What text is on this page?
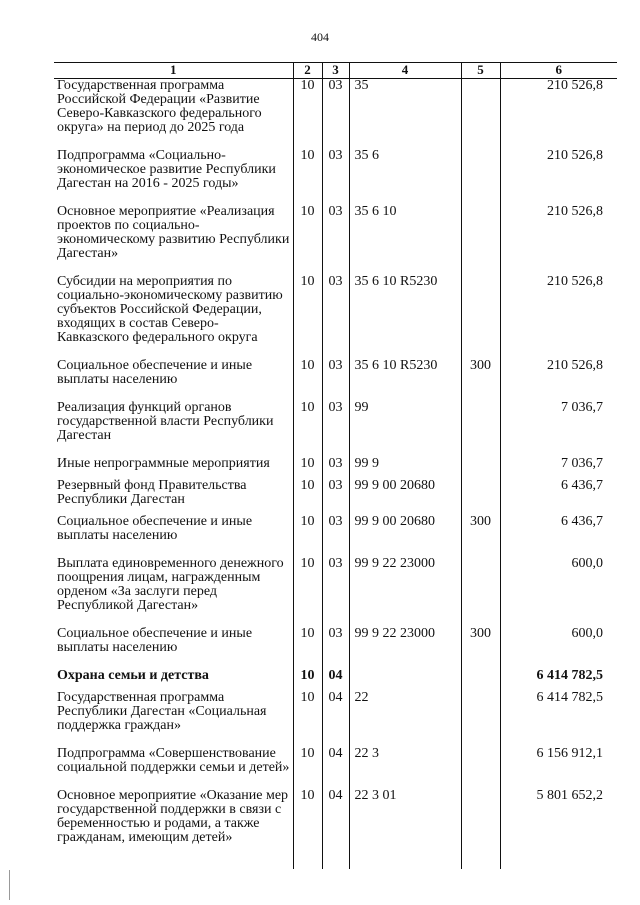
404
1	2	3	4	5	6
Государственная программа Российской Федерации «Развитие Северо-Кавказского федерального округа» на период до 2025 года	10	03	35		210 526,8
Подпрограмма «Социально-экономическое развитие Республики Дагестан на 2016 - 2025 годы»	10	03	35 6		210 526,8
Основное мероприятие «Реализация проектов по социально-экономическому развитию Республики Дагестан»	10	03	35 6 10		210 526,8
Субсидии на мероприятия по социально-экономическому развитию субъектов Российской Федерации, входящих в состав Северо-Кавказского федерального округа	10	03	35 6 10 R5230		210 526,8
Социальное обеспечение и иные выплаты населению	10	03	35 6 10 R5230	300	210 526,8
Реализация функций органов государственной власти Республики Дагестан	10	03	99		7 036,7
Иные непрограммные мероприятия	10	03	99 9		7 036,7
Резервный фонд Правительства Республики Дагестан	10	03	99 9 00 20680		6 436,7
Социальное обеспечение и иные выплаты населению	10	03	99 9 00 20680	300	6 436,7
Выплата единовременного денежного поощрения лицам, награжденным орденом «За заслуги перед Республикой Дагестан»	10	03	99 9 22 23000		600,0
Социальное обеспечение и иные выплаты населению	10	03	99 9 22 23000	300	600,0
Охрана семьи и детства	10	04			6 414 782,5
Государственная программа Республики Дагестан «Социальная поддержка граждан»	10	04	22		6 414 782,5
Подпрограмма «Совершенствование социальной поддержки семьи и детей»	10	04	22 3		6 156 912,1
Основное мероприятие «Оказание мер государственной поддержки в связи с беременностью и родами, а также гражданам, имеющим детей»	10	04	22 3 01		5 801 652,2
